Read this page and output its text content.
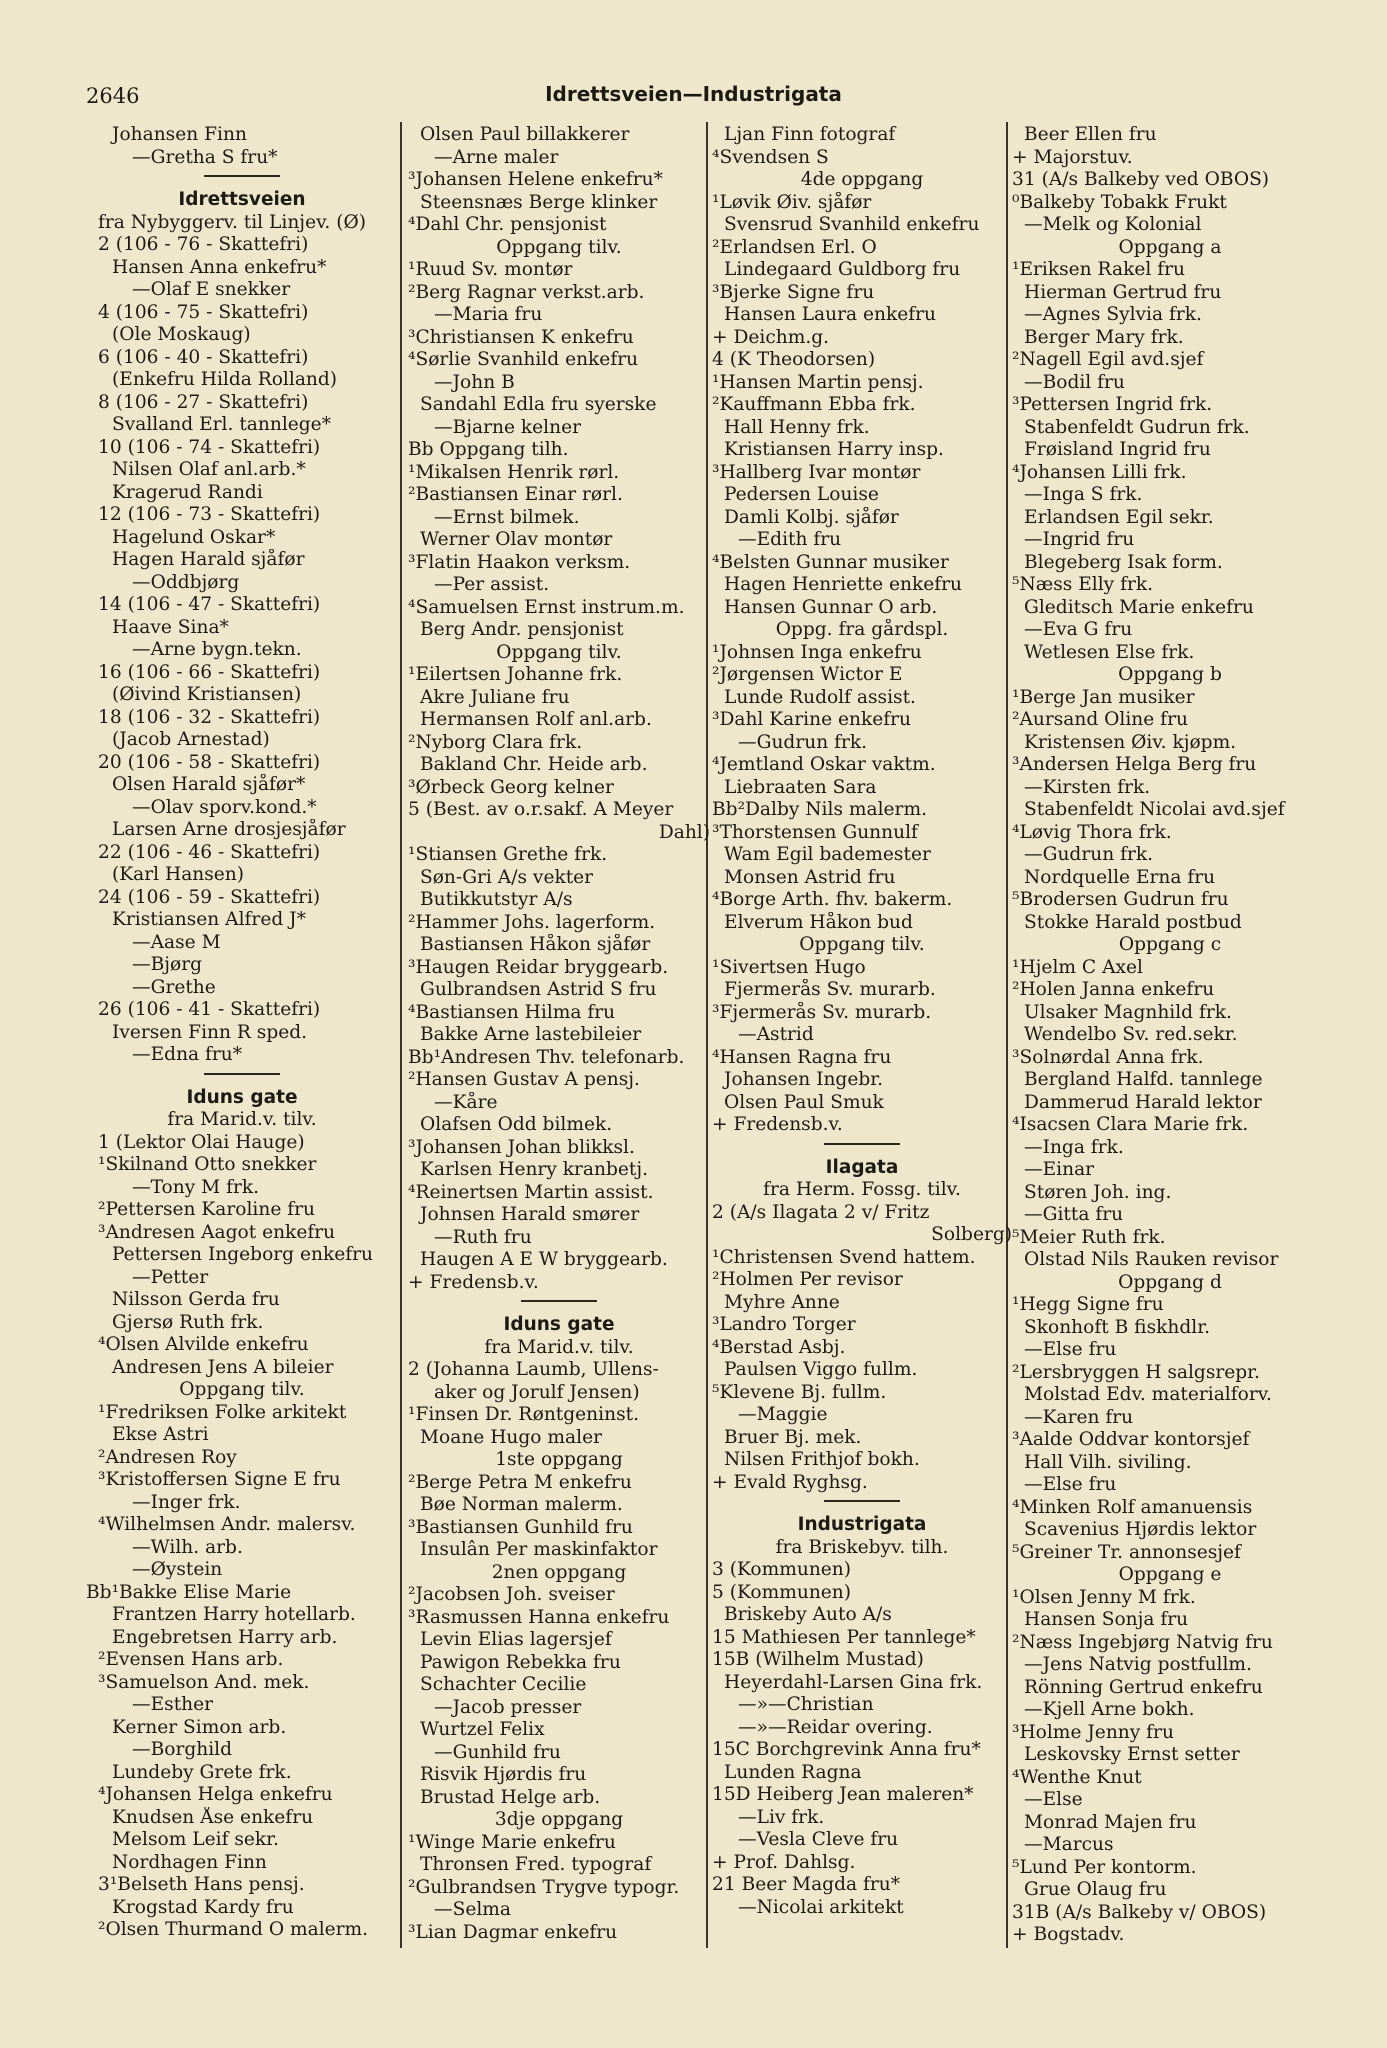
2646	Idrettsveien—Industrigata
Johansen Finn
—Gretha S fru*
Idrettsveien
fra Nybyggerv. til Linjev. (Ø)
2 (106 - 76 - Skattefri)
Hansen Anna enkefru*
—Olaf E snekker
4 (106 - 75 - Skattefri)
(Ole Moskaug)
6 (106 - 40 - Skattefri)
(Enkefru Hilda Rolland)
8 (106 - 27 - Skattefri)
Svalland Erl. tannlege*
10 (106 - 74 - Skattefri)
Nilsen Olaf anl.arb.*
Kragerud Randi
12 (106 - 73 - Skattefri)
Hagelund Oskar*
Hagen Harald sjåfør
—Oddbjørg
14 (106 - 47 - Skattefri)
Haave Sina*
—Arne bygn.tekn.
16 (106 - 66 - Skattefri)
(Øivind Kristiansen)
18 (106 - 32 - Skattefri)
(Jacob Arnestad)
20 (106 - 58 - Skattefri)
Olsen Harald sjåfør*
—Olav sporv.kond.*
Larsen Arne drosjesjåfør
22 (106 - 46 - Skattefri)
(Karl Hansen)
24 (106 - 59 - Skattefri)
Kristiansen Alfred J*
—Aase M
—Bjørg
—Grethe
26 (106 - 41 - Skattefri)
Iversen Finn R sped.
—Edna fru*
Iduns gate
fra Marid.v. tilv.
1 (Lektor Olai Hauge)
¹Skilnand Otto snekker
—Tony M frk.
²Pettersen Karoline fru
³Andresen Aagot enkefru
Pettersen Ingeborg enkefru
—Petter
Nilsson Gerda fru
Gjersø Ruth frk.
⁴Olsen Alvilde enkefru
Andresen Jens A bileier
Oppgang tilv.
¹Fredriksen Folke arkitekt
Ekse Astri
²Andresen Roy
³Kristoffersen Signe E fru
—Inger frk.
⁴Wilhelmsen Andr. malersv.
—Wilh. arb.
—Øystein
Bb¹Bakke Elise Marie
Frantzen Harry hotellarb.
Engebretsen Harry arb.
²Evensen Hans arb.
³Samuelson And. mek.
—Esther
Kerner Simon arb.
—Borghild
Lundeby Grete frk.
⁴Johansen Helga enkefru
Knudsen Åse enkefru
Melsom Leif sekr.
Nordhagen Finn
3¹Belseth Hans pensj.
Krogstad Kardy fru
²Olsen Thurmand O malerm.
Olsen Paul billakkerer
—Arne maler
³Johansen Helene enkefru*
Steensnæs Berge klinker
⁴Dahl Chr. pensjonist
Oppgang tilv.
¹Ruud Sv. montør
²Berg Ragnar verkst.arb.
—Maria fru
³Christiansen K enkefru
⁴Sørlie Svanhild enkefru
—John B
Sandahl Edla fru syerske
—Bjarne kelner
Bb Oppgang tilh.
¹Mikalsen Henrik rørl.
²Bastiansen Einar rørl.
—Ernst bilmek.
Werner Olav montør
³Flatin Haakon verksm.
—Per assist.
⁴Samuelsen Ernst instrum.m.
Berg Andr. pensjonist
Oppgang tilv.
¹Eilertsen Johanne frk.
Akre Juliane fru
Hermansen Rolf anl.arb.
²Nyborg Clara frk.
Bakland Chr. Heide arb.
³Ørbeck Georg kelner
5 (Best. av o.r.sakf. A Meyer
Dahl)
¹Stiansen Grethe frk.
Søn-Gri A/s vekter
Butikkutstyr A/s
²Hammer Johs. lagerform.
Bastiansen Håkon sjåfør
³Haugen Reidar bryggearb.
Gulbrandsen Astrid S fru
⁴Bastiansen Hilma fru
Bakke Arne lastebileier
Bb¹Andresen Thv. telefonarb.
²Hansen Gustav A pensj.
—Kåre
Olafsen Odd bilmek.
³Johansen Johan blikksl.
Karlsen Henry kranbetj.
⁴Reinertsen Martin assist.
Johnsen Harald smører
—Ruth fru
Haugen A E W bryggearb.
+ Fredensb.v.
Iduns gate
fra Marid.v. tilv.
2 (Johanna Laumb, Ullens-
aker og Jorulf Jensen)
¹Finsen Dr. Røntgeninst.
Moane Hugo maler
1ste oppgang
²Berge Petra M enkefru
Bøe Norman malerm.
³Bastiansen Gunhild fru
Insulân Per maskinfaktor
2nen oppgang
²Jacobsen Joh. sveiser
³Rasmussen Hanna enkefru
Levin Elias lagersjef
Pawigon Rebekka fru
Schachter Cecilie
—Jacob presser
Wurtzel Felix
—Gunhild fru
Risvik Hjørdis fru
Brustad Helge arb.
3dje oppgang
¹Winge Marie enkefru
Thronsen Fred. typograf
²Gulbrandsen Trygve typogr.
—Selma
³Lian Dagmar enkefru
Ljan Finn fotograf
⁴Svendsen S
4de oppgang
¹Løvik Øiv. sjåfør
Svensrud Svanhild enkefru
²Erlandsen Erl. O
Lindegaard Guldborg fru
³Bjerke Signe fru
Hansen Laura enkefru
+ Deichm.g.
4 (K Theodorsen)
¹Hansen Martin pensj.
²Kauffmann Ebba frk.
Hall Henny frk.
Kristiansen Harry insp.
³Hallberg Ivar montør
Pedersen Louise
Damli Kolbj. sjåfør
—Edith fru
⁴Belsten Gunnar musiker
Hagen Henriette enkefru
Hansen Gunnar O arb.
Oppg. fra gårdspl.
¹Johnsen Inga enkefru
²Jørgensen Wictor E
Lunde Rudolf assist.
³Dahl Karine enkefru
—Gudrun frk.
⁴Jemtland Oskar vaktm.
Liebraaten Sara
Bb²Dalby Nils malerm.
³Thorstensen Gunnulf
Wam Egil bademester
Monsen Astrid fru
⁴Borge Arth. fhv. bakerm.
Elverum Håkon bud
Oppgang tilv.
¹Sivertsen Hugo
Fjermerås Sv. murarb.
³Fjermerås Sv. murarb.
—Astrid
⁴Hansen Ragna fru
Johansen Ingebr.
Olsen Paul Smuk
+ Fredensb.v.
Ilagata
fra Herm. Fossg. tilv.
2 (A/s Ilagata 2 v/ Fritz
Solberg)
¹Christensen Svend hattem.
²Holmen Per revisor
Myhre Anne
³Landro Torger
⁴Berstad Asbj.
Paulsen Viggo fullm.
⁵Klevene Bj. fullm.
—Maggie
Bruer Bj. mek.
Nilsen Frithjof bokh.
+ Evald Ryghsg.
Industrigata
fra Briskebyv. tilh.
3 (Kommunen)
5 (Kommunen)
Briskeby Auto A/s
15 Mathiesen Per tannlege*
15B (Wilhelm Mustad)
Heyerdahl-Larsen Gina frk.
—»—Christian
—»—Reidar overing.
15C Borchgrevink Anna fru*
Lunden Ragna
15D Heiberg Jean maleren*
—Liv frk.
—Vesla Cleve fru
+ Prof. Dahlsg.
21 Beer Magda fru*
—Nicolai arkitekt
Beer Ellen fru
+ Majorstuv.
31 (A/s Balkeby ved OBOS)
⁰Balkeby Tobakk Frukt
—Melk og Kolonial
Oppgang a
¹Eriksen Rakel fru
Hierman Gertrud fru
—Agnes Sylvia frk.
Berger Mary frk.
²Nagell Egil avd.sjef
—Bodil fru
³Pettersen Ingrid frk.
Stabenfeldt Gudrun frk.
Frøisland Ingrid fru
⁴Johansen Lilli frk.
—Inga S frk.
Erlandsen Egil sekr.
—Ingrid fru
Blegeberg Isak form.
⁵Næss Elly frk.
Gleditsch Marie enkefru
—Eva G fru
Wetlesen Else frk.
Oppgang b
¹Berge Jan musiker
²Aursand Oline fru
Kristensen Øiv. kjøpm.
³Andersen Helga Berg fru
—Kirsten frk.
Stabenfeldt Nicolai avd.sjef
⁴Løvig Thora frk.
—Gudrun frk.
Nordquelle Erna fru
⁵Brodersen Gudrun fru
Stokke Harald postbud
Oppgang c
¹Hjelm C Axel
²Holen Janna enkefru
Ulsaker Magnhild frk.
Wendelbo Sv. red.sekr.
³Solnørdal Anna frk.
Bergland Halfd. tannlege
Dammerud Harald lektor
⁴Isacsen Clara Marie frk.
—Inga frk.
—Einar
Støren Joh. ing.
—Gitta fru
⁵Meier Ruth frk.
Olstad Nils Rauken revisor
Oppgang d
¹Hegg Signe fru
Skonhoft B fiskhdlr.
—Else fru
²Lersbryggen H salgsrepr.
Molstad Edv. materialforv.
—Karen fru
³Aalde Oddvar kontorsjef
Hall Vilh. siviling.
—Else fru
⁴Minken Rolf amanuensis
Scavenius Hjørdis lektor
⁵Greiner Tr. annonsesjef
Oppgang e
¹Olsen Jenny M frk.
Hansen Sonja fru
²Næss Ingebjørg Natvig fru
—Jens Natvig postfullm.
Rönning Gertrud enkefru
—Kjell Arne bokh.
³Holme Jenny fru
Leskovsky Ernst setter
⁴Wenthe Knut
—Else
Monrad Majen fru
—Marcus
⁵Lund Per kontorm.
Grue Olaug fru
31B (A/s Balkeby v/ OBOS)
+ Bogstadv.
